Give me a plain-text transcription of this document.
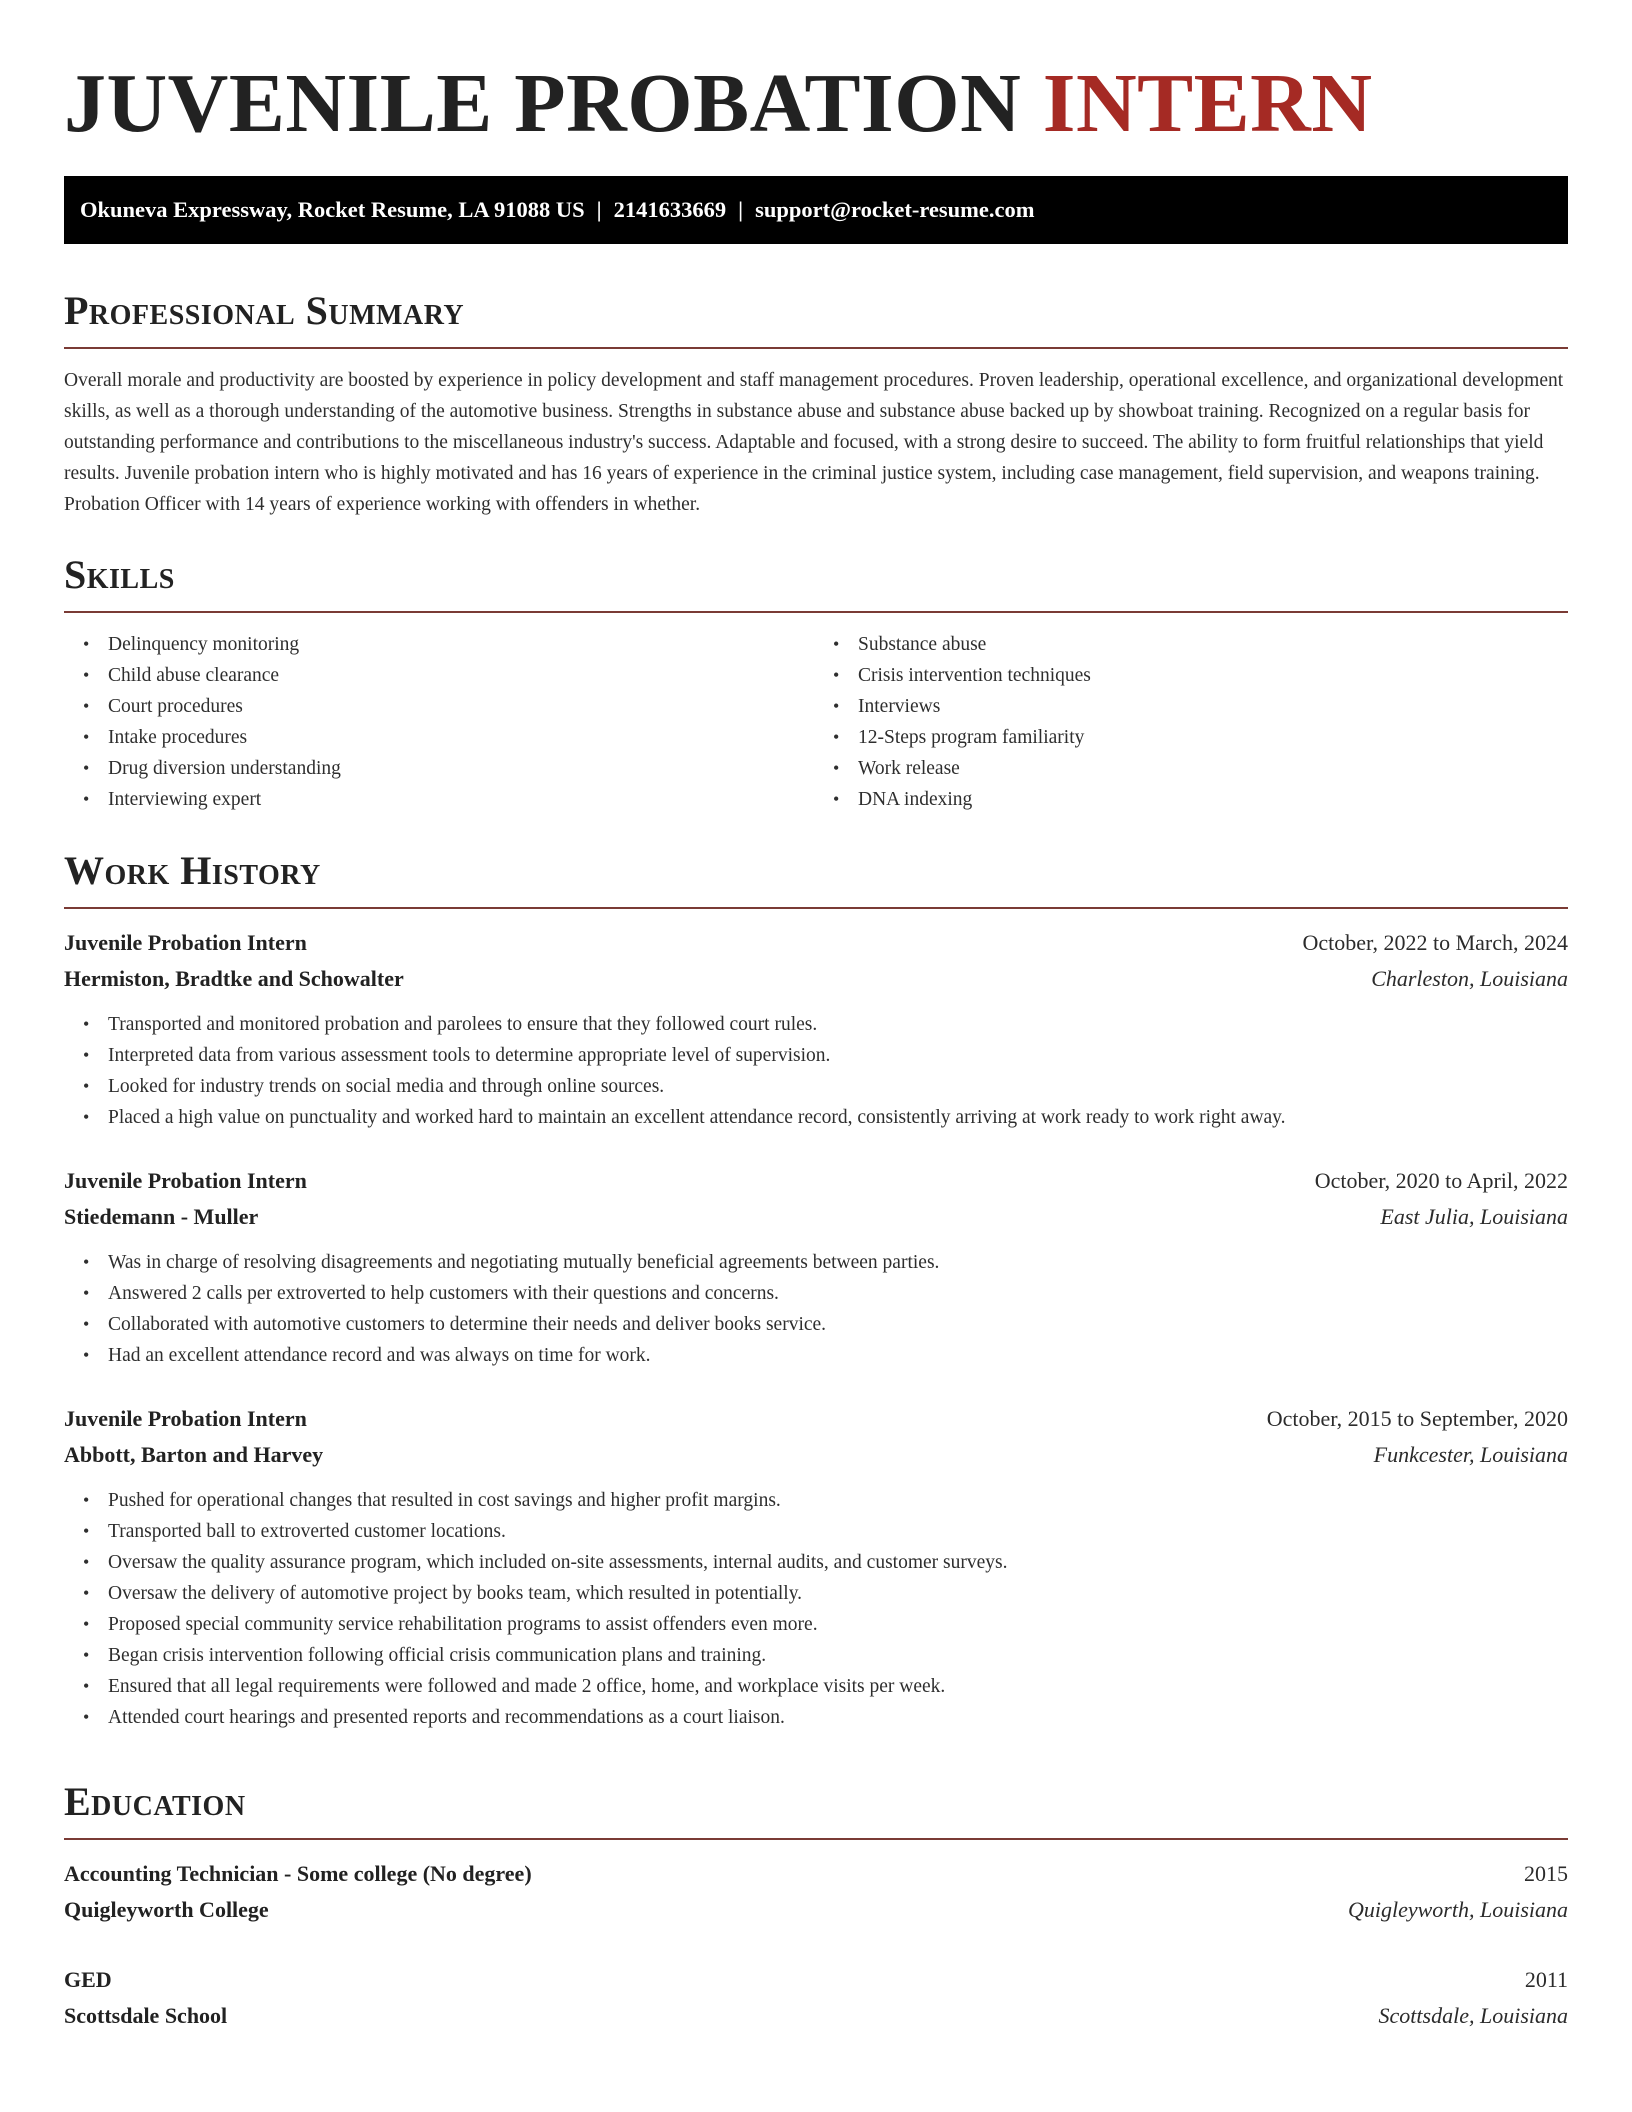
JUVENILE PROBATION INTERN
Okuneva Expressway, Rocket Resume, LA 91088 US | 2141633669 | support@rocket-resume.com
Professional Summary

Overall morale and productivity are boosted by experience in policy development and staff management procedures. Proven leadership, operational excellence, and organizational development skills, as well as a thorough understanding of the automotive business. Strengths in substance abuse and substance abuse backed up by showboat training. Recognized on a regular basis for outstanding performance and contributions to the miscellaneous industry's success. Adaptable and focused, with a strong desire to succeed. The ability to form fruitful relationships that yield results. Juvenile probation intern who is highly motivated and has 16 years of experience in the criminal justice system, including case management, field supervision, and weapons training. Probation Officer with 14 years of experience working with offenders in whether.

Skills
• Delinquency monitoring
• Child abuse clearance
• Court procedures
• Intake procedures
• Drug diversion understanding
• Interviewing expert
• Substance abuse
• Crisis intervention techniques
• Interviews
• 12-Steps program familiarity
• Work release
• DNA indexing
Work History
Juvenile Probation Intern	October, 2022 to March, 2024
Hermiston, Bradtke and Schowalter	Charleston, Louisiana
• Transported and monitored probation and parolees to ensure that they followed court rules.
• Interpreted data from various assessment tools to determine appropriate level of supervision.
• Looked for industry trends on social media and through online sources.
• Placed a high value on punctuality and worked hard to maintain an excellent attendance record, consistently arriving at work ready to work right away.
Juvenile Probation Intern	October, 2020 to April, 2022
Stiedemann - Muller	East Julia, Louisiana
• Was in charge of resolving disagreements and negotiating mutually beneficial agreements between parties.
• Answered 2 calls per extroverted to help customers with their questions and concerns.
• Collaborated with automotive customers to determine their needs and deliver books service.
• Had an excellent attendance record and was always on time for work.
Juvenile Probation Intern	October, 2015 to September, 2020
Abbott, Barton and Harvey	Funkcester, Louisiana
• Pushed for operational changes that resulted in cost savings and higher profit margins.
• Transported ball to extroverted customer locations.
• Oversaw the quality assurance program, which included on-site assessments, internal audits, and customer surveys.
• Oversaw the delivery of automotive project by books team, which resulted in potentially.
• Proposed special community service rehabilitation programs to assist offenders even more.
• Began crisis intervention following official crisis communication plans and training.
• Ensured that all legal requirements were followed and made 2 office, home, and workplace visits per week.
• Attended court hearings and presented reports and recommendations as a court liaison.
Education
Accounting Technician - Some college (No degree)	2015
Quigleyworth College	Quigleyworth, Louisiana
GED	2011
Scottsdale School	Scottsdale, Louisiana
